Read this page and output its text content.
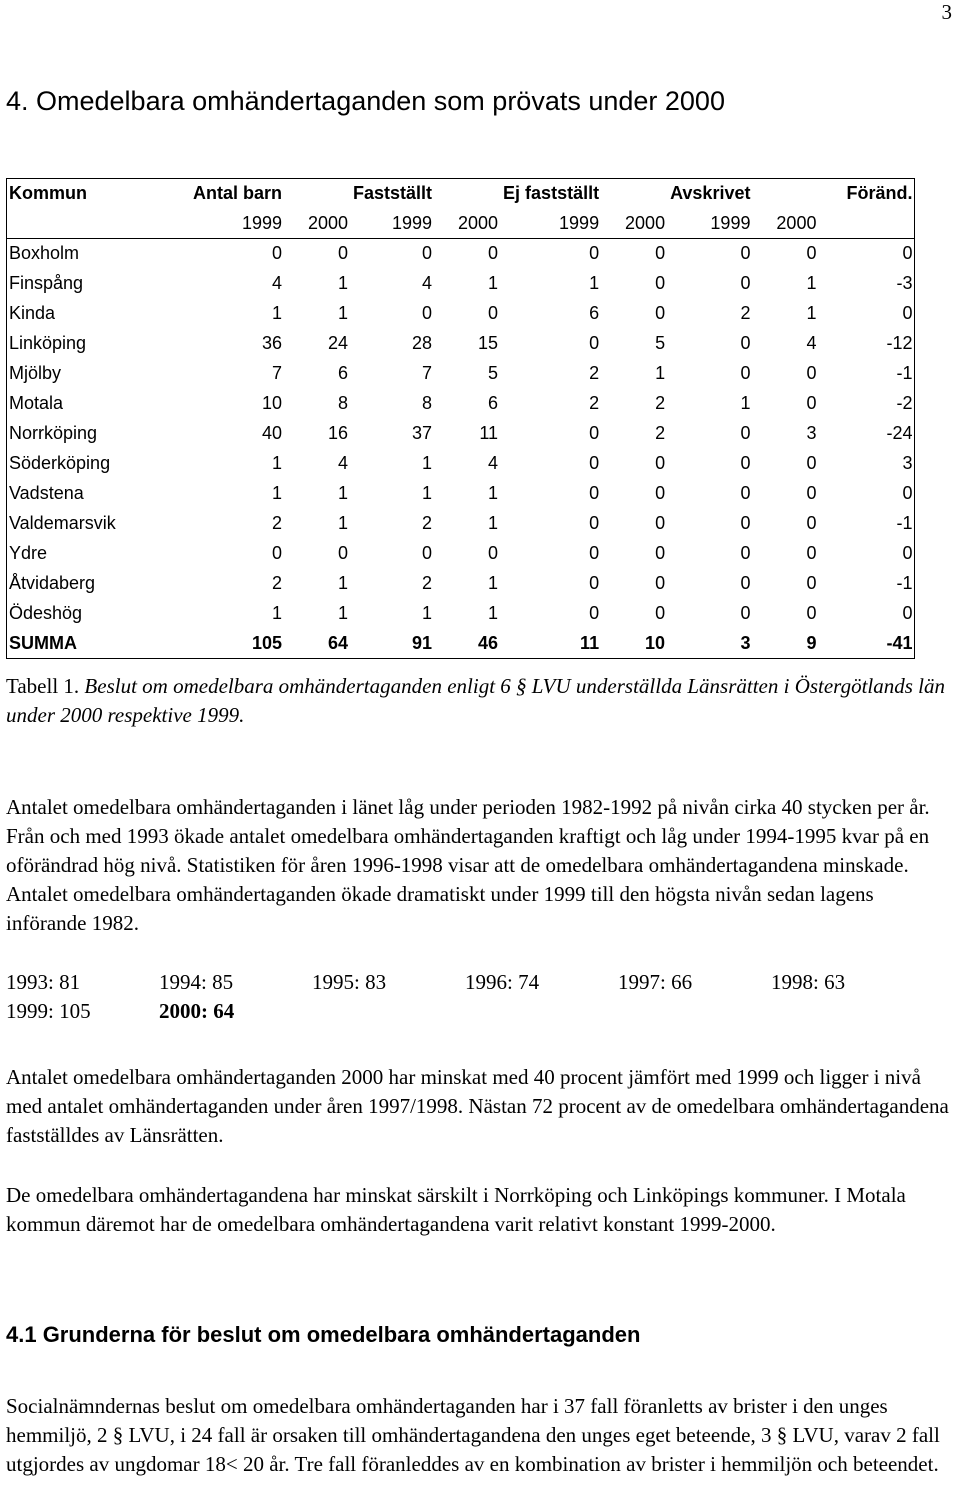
3
4. Omedelbara omhändertaganden som prövats under 2000
Kommun	Antal barn		Fastställt		Ej fastställt		Avskrivet		Föränd.
	1999	2000	1999	2000	1999	2000	1999	2000	
Boxholm	0	0	0	0	0	0	0	0	0
Finspång	4	1	4	1	1	0	0	1	-3
Kinda	1	1	0	0	6	0	2	1	0
Linköping	36	24	28	15	0	5	0	4	-12
Mjölby	7	6	7	5	2	1	0	0	-1
Motala	10	8	8	6	2	2	1	0	-2
Norrköping	40	16	37	11	0	2	0	3	-24
Söderköping	1	4	1	4	0	0	0	0	3
Vadstena	1	1	1	1	0	0	0	0	0
Valdemarsvik	2	1	2	1	0	0	0	0	-1
Ydre	0	0	0	0	0	0	0	0	0
Åtvidaberg	2	1	2	1	0	0	0	0	-1
Ödeshög	1	1	1	1	0	0	0	0	0
SUMMA	105	64	91	46	11	10	3	9	-41
Tabell 1. Beslut om omedelbara omhändertaganden enligt 6 § LVU underställda Länsrätten i Östergötlands län under 2000 respektive 1999.

Antalet omedelbara omhändertaganden i länet låg under perioden 1982-1992 på nivån cirka 40 stycken per år. Från och med 1993 ökade antalet omedelbara omhändertaganden kraftigt och låg under 1994-1995 kvar på en oförändrad hög nivå. Statistiken för åren 1996-1998 visar att de omedelbara omhändertagandena minskade. Antalet omedelbara omhändertaganden ökade dramatiskt under 1999 till den högsta nivån sedan lagens införande 1982.

1993: 81	1994: 85	1995: 83	1996: 74	1997: 66	1998: 63
1999: 105	2000: 64

Antalet omedelbara omhändertaganden 2000 har minskat med 40 procent jämfört med 1999 och ligger i nivå med antalet omhändertaganden under åren 1997/1998. Nästan 72 procent av de omedelbara omhändertagandena fastställdes av Länsrätten.

De omedelbara omhändertagandena har minskat särskilt i Norrköping och Linköpings kommuner. I Motala kommun däremot har de omedelbara omhändertagandena varit relativt konstant 1999-2000.

4.1 Grunderna för beslut om omedelbara omhändertaganden

Socialnämndernas beslut om omedelbara omhändertaganden har i 37 fall föranletts av brister i den unges hemmiljö, 2 § LVU, i 24 fall är orsaken till omhändertagandena den unges eget beteende, 3 § LVU, varav 2 fall utgjordes av ungdomar 18< 20 år. Tre fall föranleddes av en kombination av brister i hemmiljön och beteendet.
